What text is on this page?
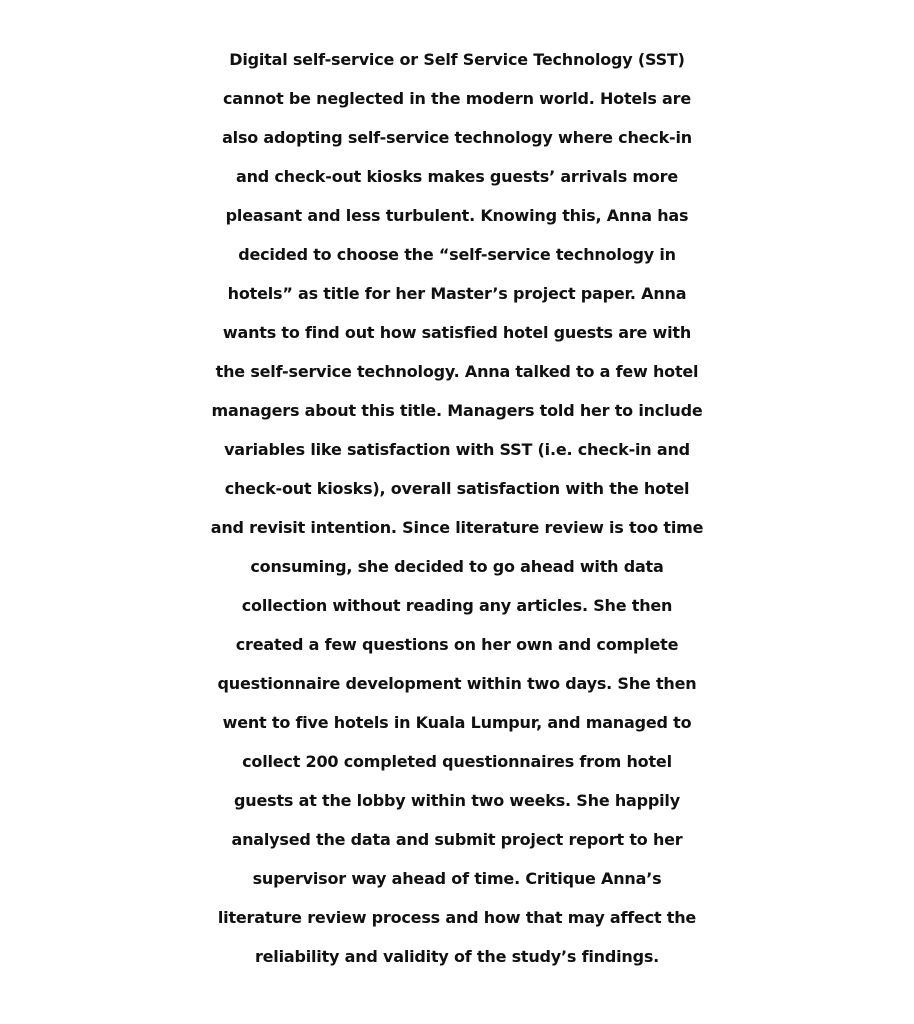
Digital self-service or Self Service Technology (SST)
cannot be neglected in the modern world. Hotels are
also adopting self-service technology where check-in
and check-out kiosks makes guests’ arrivals more
pleasant and less turbulent. Knowing this, Anna has
decided to choose the “self-service technology in
hotels” as title for her Master’s project paper. Anna
wants to find out how satisfied hotel guests are with
the self-service technology. Anna talked to a few hotel
managers about this title. Managers told her to include
variables like satisfaction with SST (i.e. check-in and
check-out kiosks), overall satisfaction with the hotel
and revisit intention. Since literature review is too time
consuming, she decided to go ahead with data
collection without reading any articles. She then
created a few questions on her own and complete
questionnaire development within two days. She then
went to five hotels in Kuala Lumpur, and managed to
collect 200 completed questionnaires from hotel
guests at the lobby within two weeks. She happily
analysed the data and submit project report to her
supervisor way ahead of time. Critique Anna’s
literature review process and how that may affect the
reliability and validity of the study’s findings.
